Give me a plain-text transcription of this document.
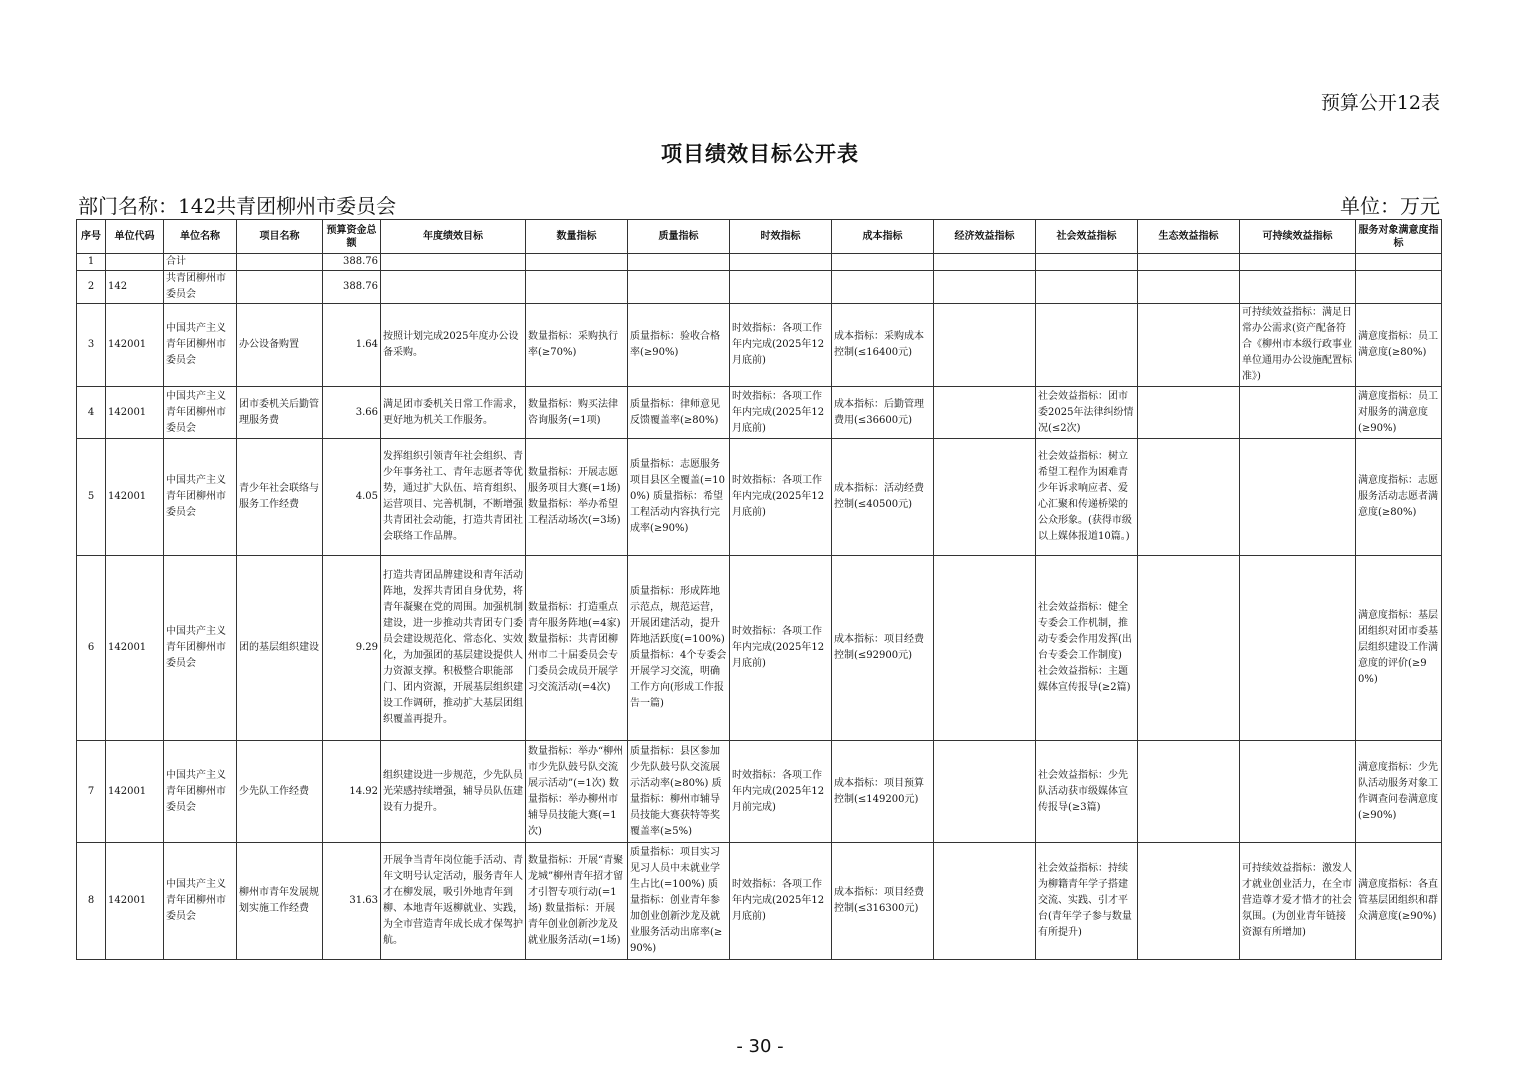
预算公开12表
项目绩效目标公开表
部门名称：142共青团柳州市委员会	单位：万元
序号	单位代码	单位名称	项目名称	预算资金总额	年度绩效目标	数量指标	质量指标	时效指标	成本指标	经济效益指标	社会效益指标	生态效益指标	可持续效益指标	服务对象满意度指标
1		合计		388.76										
2	142	共青团柳州市委员会		388.76										
3	142001	中国共产主义青年团柳州市委员会	办公设备购置	1.64	按照计划完成2025年度办公设备采购。	数量指标：采购执行率(≥70%)	质量指标：验收合格率(≥90%)	时效指标：各项工作年内完成(2025年12月底前)	成本指标：采购成本控制(≤16400元)				可持续效益指标：满足日常办公需求(资产配备符合《柳州市本级行政事业单位通用办公设施配置标准》)	满意度指标：员工满意度(≥80%)
4	142001	中国共产主义青年团柳州市委员会	团市委机关后勤管理服务费	3.66	满足团市委机关日常工作需求，更好地为机关工作服务。	数量指标：购买法律咨询服务(=1项)	质量指标：律师意见反馈覆盖率(≥80%)	时效指标：各项工作年内完成(2025年12月底前)	成本指标：后勤管理费用(≤36600元)		社会效益指标：团市委2025年法律纠纷情况(≤2次)			满意度指标：员工对服务的满意度(≥90%)
5	142001	中国共产主义青年团柳州市委员会	青少年社会联络与服务工作经费	4.05	发挥组织引领青年社会组织、青少年事务社工、青年志愿者等优势，通过扩大队伍、培育组织、运营项目、完善机制，不断增强共青团社会动能，打造共青团社会联络工作品牌。	数量指标：开展志愿服务项目大赛(=1场) 数量指标：举办希望工程活动场次(=3场)	质量指标：志愿服务项目县区全覆盖(=100%) 质量指标：希望工程活动内容执行完成率(≥90%)	时效指标：各项工作年内完成(2025年12月底前)	成本指标：活动经费控制(≤40500元)		社会效益指标：树立希望工程作为困难青少年诉求响应者、爱心汇聚和传递桥梁的公众形象。(获得市级以上媒体报道10篇。)			满意度指标：志愿服务活动志愿者满意度(≥80%)
6	142001	中国共产主义青年团柳州市委员会	团的基层组织建设	9.29	打造共青团品牌建设和青年活动阵地，发挥共青团自身优势，将青年凝聚在党的周围。加强机制建设，进一步推动共青团专门委员会建设规范化、常态化、实效化，为加强团的基层建设提供人力资源支撑。积极整合职能部门、团内资源，开展基层组织建设工作调研，推动扩大基层团组织覆盖再提升。	数量指标：打造重点青年服务阵地(=4家) 数量指标：共青团柳州市二十届委员会专门委员会成员开展学习交流活动(=4次)	质量指标：形成阵地示范点，规范运营，开展团建活动，提升阵地活跃度(=100%) 质量指标：4个专委会开展学习交流，明确工作方向(形成工作报告一篇)	时效指标：各项工作年内完成(2025年12月底前)	成本指标：项目经费控制(≤92900元)		社会效益指标：健全专委会工作机制，推动专委会作用发挥(出台专委会工作制度) 社会效益指标：主题媒体宣传报导(≥2篇)			满意度指标：基层团组织对团市委基层组织建设工作满意度的评价(≥90%)
7	142001	中国共产主义青年团柳州市委员会	少先队工作经费	14.92	组织建设进一步规范，少先队员光荣感持续增强，辅导员队伍建设有力提升。	数量指标：举办“柳州市少先队鼓号队交流展示活动”(=1次) 数量指标：举办柳州市辅导员技能大赛(=1次)	质量指标：县区参加少先队鼓号队交流展示活动率(≥80%) 质量指标：柳州市辅导员技能大赛获特等奖覆盖率(≥5%)	时效指标：各项工作年内完成(2025年12月前完成)	成本指标：项目预算控制(≤149200元)		社会效益指标：少先队活动获市级媒体宣传报导(≥3篇)			满意度指标：少先队活动服务对象工作调查问卷满意度(≥90%)
8	142001	中国共产主义青年团柳州市委员会	柳州市青年发展规划实施工作经费	31.63	开展争当青年岗位能手活动、青年文明号认定活动，服务青年人才在柳发展，吸引外地青年到柳、本地青年返柳就业、实践，为全市营造青年成长成才保驾护航。	数量指标：开展“青聚龙城”柳州青年招才留才引智专项行动(=1场) 数量指标：开展青年创业创新沙龙及就业服务活动(=1场)	质量指标：项目实习见习人员中未就业学生占比(=100%) 质量指标：创业青年参加创业创新沙龙及就业服务活动出席率(≥90%)	时效指标：各项工作年内完成(2025年12月底前)	成本指标：项目经费控制(≤316300元)		社会效益指标：持续为柳籍青年学子搭建交流、实践、引才平台(青年学子参与数量有所提升)		可持续效益指标：激发人才就业创业活力，在全市营造尊才爱才惜才的社会氛围。(为创业青年链接资源有所增加)	满意度指标：各直管基层团组织和群众满意度(≥90%)
- 30 -
